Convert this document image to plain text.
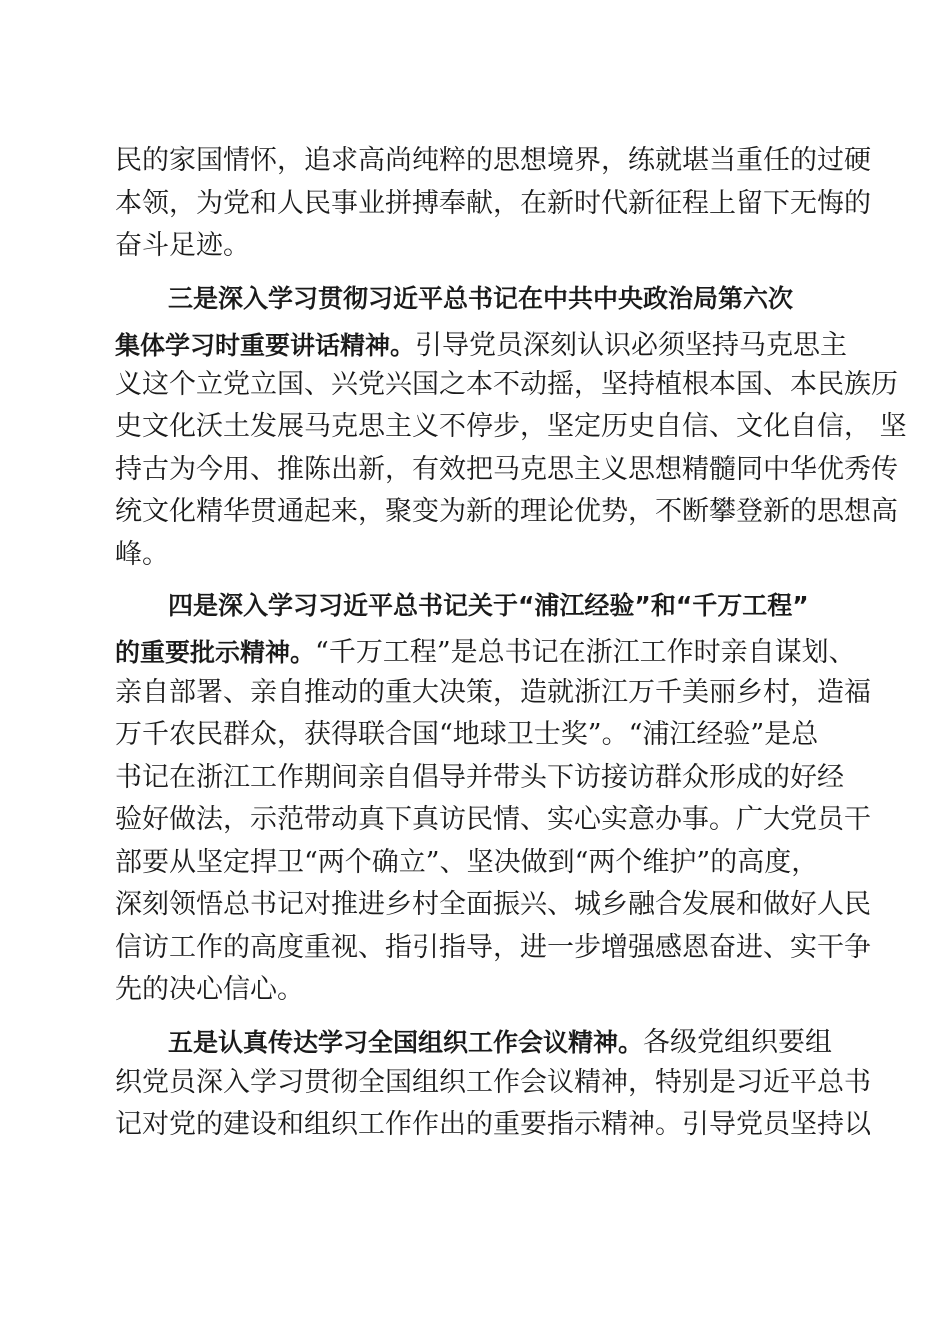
民的家国情怀，追求高尚纯粹的思想境界，练就堪当重任的过硬
本领，为党和人民事业拼搏奉献，在新时代新征程上留下无悔的
奋斗足迹。
三是深入学习贯彻习近平总书记在中共中央政治局第六次
集体学习时重要讲话精神。引导党员深刻认识必须坚持马克思主
义这个立党立国、兴党兴国之本不动摇，坚持植根本国、本民族历
史文化沃土发展马克思主义不停步，坚定历史自信、文化自信， 坚
持古为今用、推陈出新，有效把马克思主义思想精髓同中华优秀传
统文化精华贯通起来，聚变为新的理论优势，不断攀登新的思想高
峰。
四是深入学习习近平总书记关于“浦江经验”和“千万工程”
的重要批示精神。“千万工程”是总书记在浙江工作时亲自谋划、
亲自部署、亲自推动的重大决策，造就浙江万千美丽乡村，造福
万千农民群众，获得联合国“地球卫士奖”。“浦江经验”是总
书记在浙江工作期间亲自倡导并带头下访接访群众形成的好经
验好做法，示范带动真下真访民情、实心实意办事。广大党员干
部要从坚定捍卫“两个确立”、坚决做到“两个维护”的高度，
深刻领悟总书记对推进乡村全面振兴、城乡融合发展和做好人民
信访工作的高度重视、指引指导，进一步增强感恩奋进、实干争
先的决心信心。
五是认真传达学习全国组织工作会议精神。各级党组织要组
织党员深入学习贯彻全国组织工作会议精神，特别是习近平总书
记对党的建设和组织工作作出的重要指示精神。引导党员坚持以
